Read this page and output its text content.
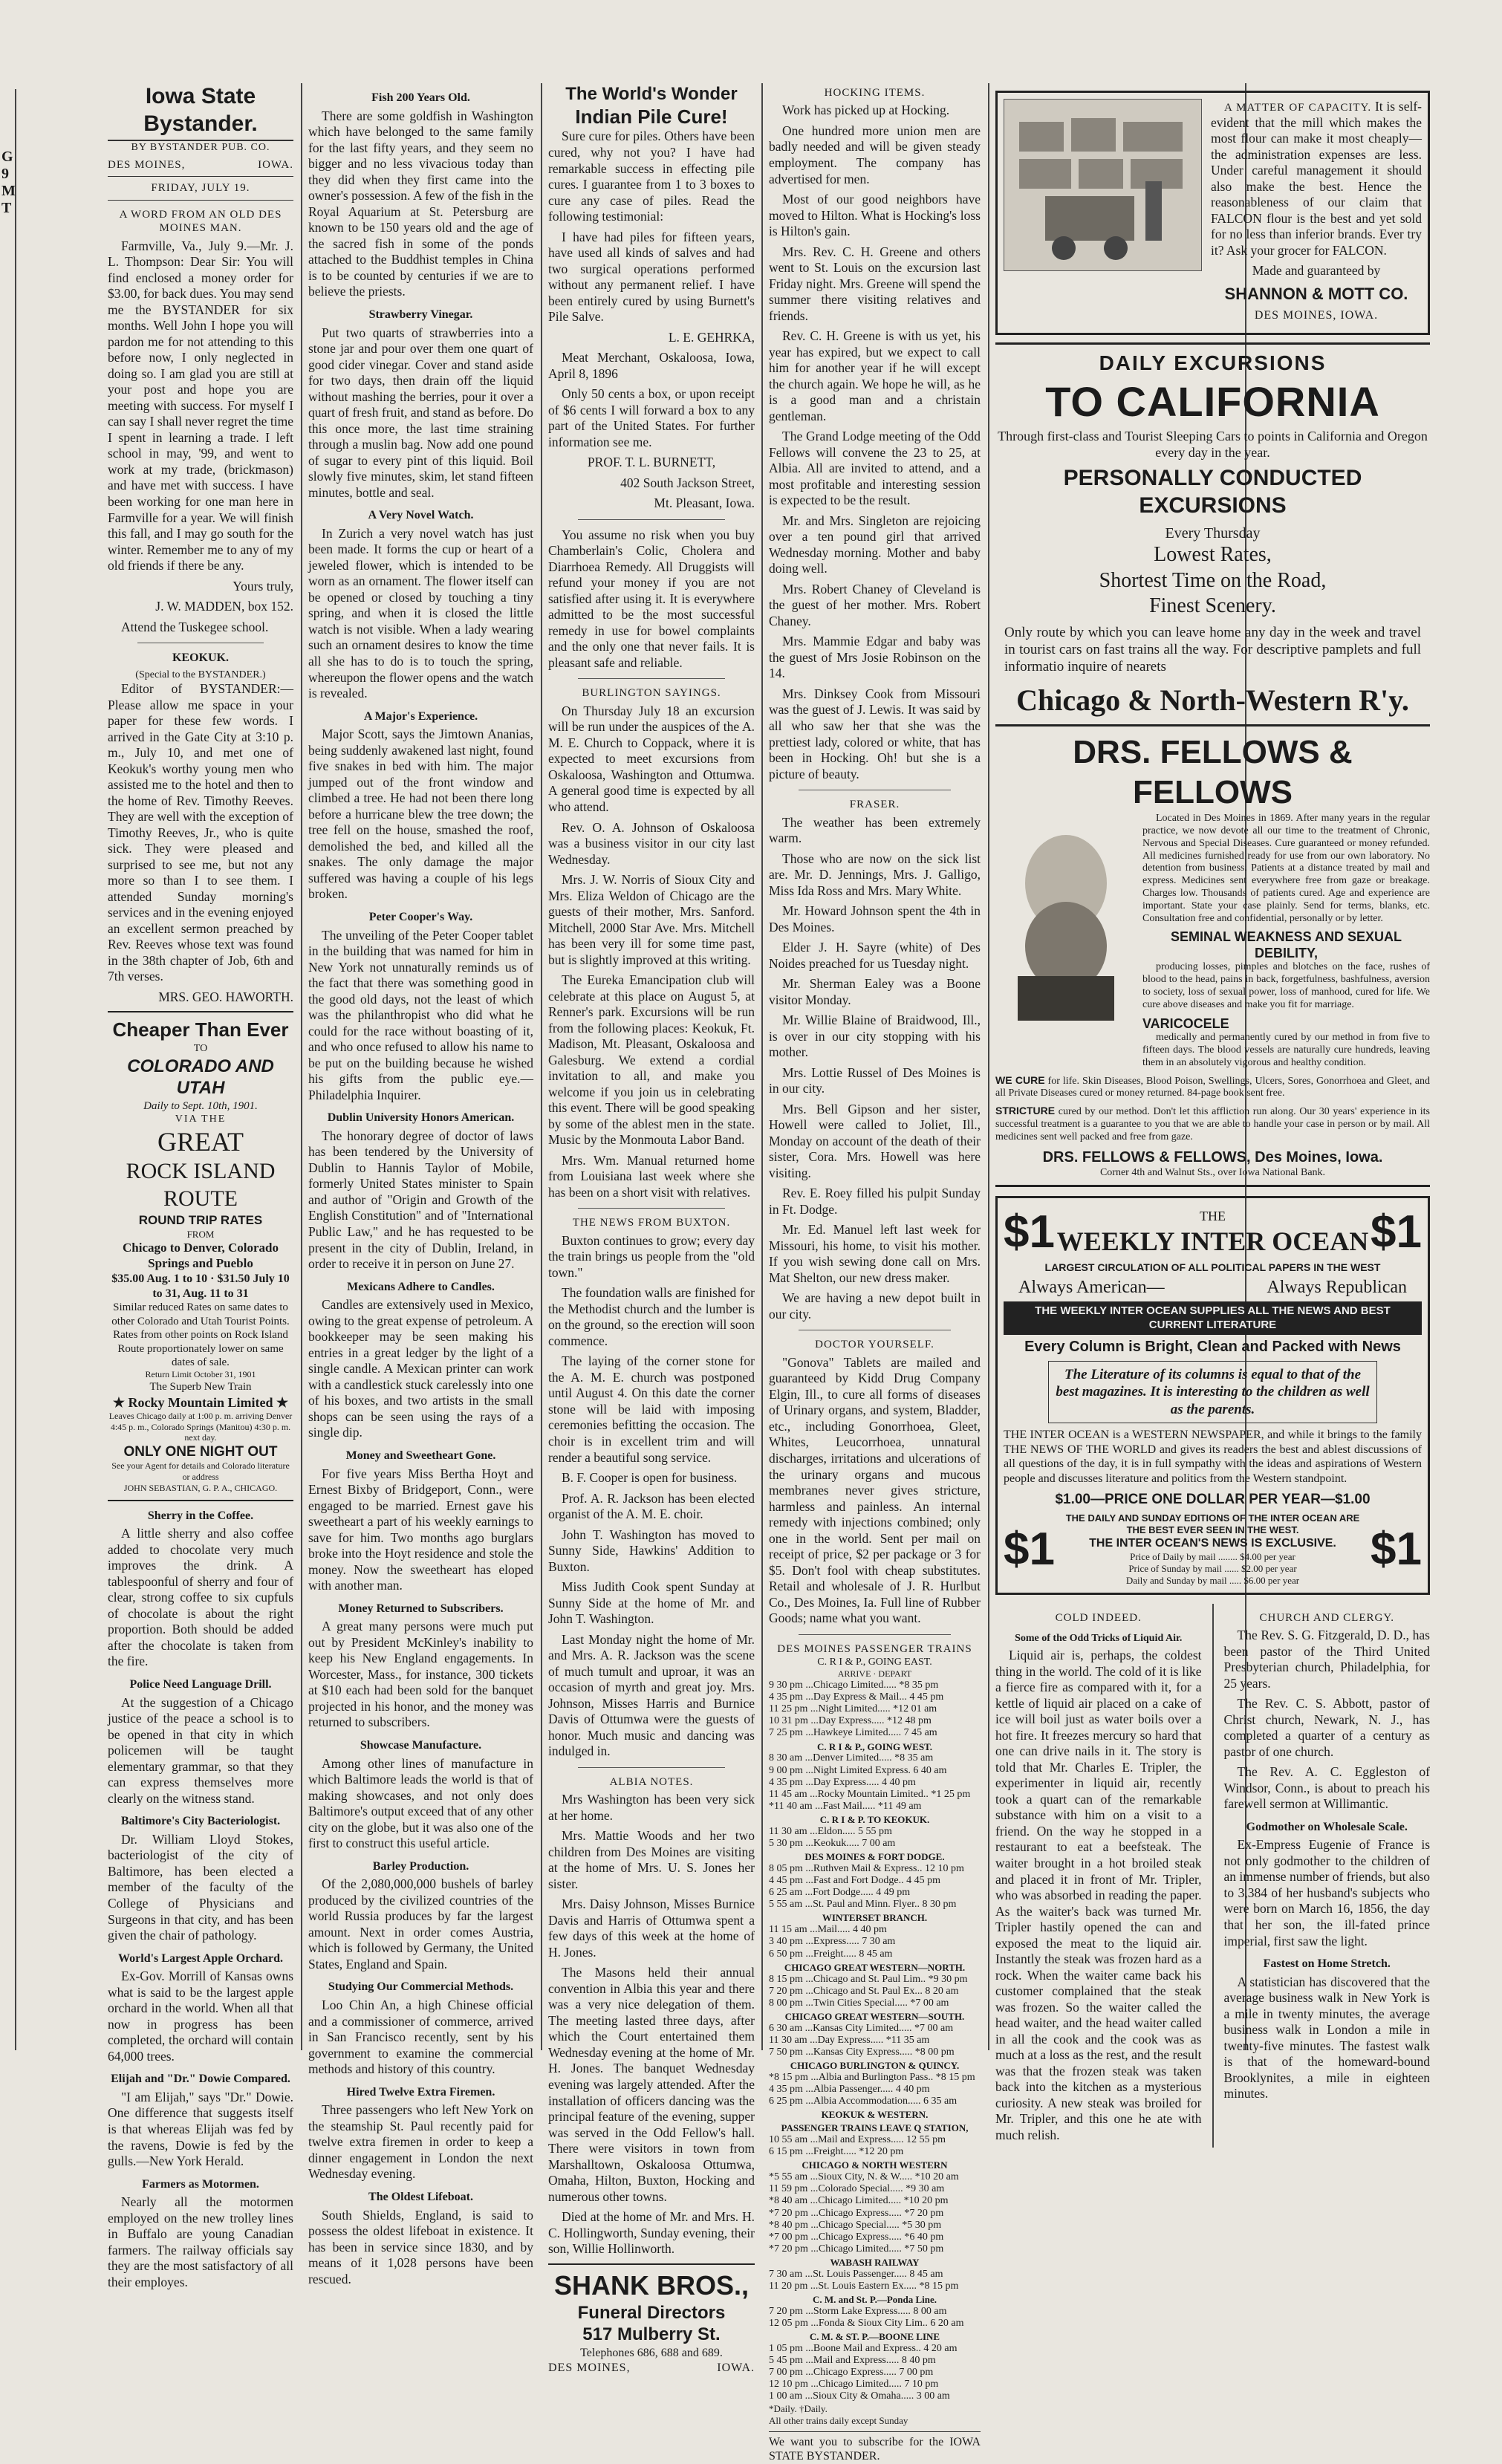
G 9 M T
Iowa State Bystander.
BY BYSTANDER PUB. CO.
DES MOINES,	IOWA.
FRIDAY, JULY 19.
A WORD FROM AN OLD DES MOINES MAN.

Farmville, Va., July 9.—Mr. J. L. Thompson: Dear Sir: You will find enclosed a money order for $3.00, for back dues. You may send me the BYSTANDER for six months. Well John I hope you will pardon me for not attending to this before now, I only neglected in doing so. I am glad you are still at your post and hope you are meeting with success. For myself I can say I shall never regret the time I spent in learning a trade. I left school in may, '99, and went to work at my trade, (brickmason) and have met with success. I have been working for one man here in Farmville for a year. We will finish this fall, and I may go south for the winter. Remember me to any of my old friends if there be any.

Yours truly,

J. W. MADDEN, box 152.

Attend the Tuskegee school.

KEOKUK.
(Special to the BYSTANDER.)

Editor of BYSTANDER:— Please allow me space in your paper for these few words. I arrived in the Gate City at 3:10 p. m., July 10, and met one of Keokuk's worthy young men who assisted me to the hotel and then to the home of Rev. Timothy Reeves. They are well with the exception of Timothy Reeves, Jr., who is quite sick. They were pleased and surprised to see me, but not any more so than I to see them. I attended Sunday morning's services and in the evening enjoyed an excellent sermon preached by Rev. Reeves whose text was found in the 38th chapter of Job, 6th and 7th verses.

MRS. GEO. HAWORTH.

Cheaper Than Ever
TO
COLORADO AND UTAH
Daily to Sept. 10th, 1901.
VIA THE
GREAT
ROCK ISLAND
ROUTE
ROUND TRIP RATES
FROM
Chicago to Denver, Colorado Springs and Pueblo
$35.00 Aug. 1 to 10 · $31.50 July 10 to 31, Aug. 11 to 31
Similar reduced Rates on same dates to other Colorado and Utah Tourist Points.
Rates from other points on Rock Island Route proportionately lower on same dates of sale.
Return Limit October 31, 1901
The Superb New Train
★ Rocky Mountain Limited ★
Leaves Chicago daily at 1:00 p. m. arriving Denver 4:45 p. m., Colorado Springs (Manitou) 4:30 p. m. next day.
ONLY ONE NIGHT OUT
See your Agent for details and Colorado literature or address
JOHN SEBASTIAN, G. P. A., CHICAGO.
Sherry in the Coffee.

A little sherry and also coffee added to chocolate very much improves the drink. A tablespoonful of sherry and four of clear, strong coffee to six cupfuls of chocolate is about the right proportion. Both should be added after the chocolate is taken from the fire.

Police Need Language Drill.

At the suggestion of a Chicago justice of the peace a school is to be opened in that city in which policemen will be taught elementary grammar, so that they can express themselves more clearly on the witness stand.

Baltimore's City Bacteriologist.

Dr. William Lloyd Stokes, bacteriologist of the city of Baltimore, has been elected a member of the faculty of the College of Physicians and Surgeons in that city, and has been given the chair of pathology.

World's Largest Apple Orchard.

Ex-Gov. Morrill of Kansas owns what is said to be the largest apple orchard in the world. When all that now in progress has been completed, the orchard will contain 64,000 trees.

Elijah and "Dr." Dowie Compared.

"I am Elijah," says "Dr." Dowie. One difference that suggests itself is that whereas Elijah was fed by the ravens, Dowie is fed by the gulls.—New York Herald.

Farmers as Motormen.

Nearly all the motormen employed on the new trolley lines in Buffalo are young Canadian farmers. The railway officials say they are the most satisfactory of all their employes.

Fish 200 Years Old.

There are some goldfish in Washington which have belonged to the same family for the last fifty years, and they seem no bigger and no less vivacious today than they did when they first came into the owner's possession. A few of the fish in the Royal Aquarium at St. Petersburg are known to be 150 years old and the age of the sacred fish in some of the ponds attached to the Buddhist temples in China is to be counted by centuries if we are to believe the priests.

Strawberry Vinegar.

Put two quarts of strawberries into a stone jar and pour over them one quart of good cider vinegar. Cover and stand aside for two days, then drain off the liquid without mashing the berries, pour it over a quart of fresh fruit, and stand as before. Do this once more, the last time straining through a muslin bag. Now add one pound of sugar to every pint of this liquid. Boil slowly five minutes, skim, let stand fifteen minutes, bottle and seal.

A Very Novel Watch.

In Zurich a very novel watch has just been made. It forms the cup or heart of a jeweled flower, which is intended to be worn as an ornament. The flower itself can be opened or closed by touching a tiny spring, and when it is closed the little watch is not visible. When a lady wearing such an ornament desires to know the time all she has to do is to touch the spring, whereupon the flower opens and the watch is revealed.

A Major's Experience.

Major Scott, says the Jimtown Ananias, being suddenly awakened last night, found five snakes in bed with him. The major jumped out of the front window and climbed a tree. He had not been there long before a hurricane blew the tree down; the tree fell on the house, smashed the roof, demolished the bed, and killed all the snakes. The only damage the major suffered was having a couple of his legs broken.

Peter Cooper's Way.

The unveiling of the Peter Cooper tablet in the building that was named for him in New York not unnaturally reminds us of the fact that there was something good in the good old days, not the least of which was the philanthropist who did what he could for the race without boasting of it, and who once refused to allow his name to be put on the building because he wished his gifts from the public eye.—Philadelphia Inquirer.

Dublin University Honors American.

The honorary degree of doctor of laws has been tendered by the University of Dublin to Hannis Taylor of Mobile, formerly United States minister to Spain and author of "Origin and Growth of the English Constitution" and of "International Public Law," and he has requested to be present in the city of Dublin, Ireland, in order to receive it in person on June 27.

Mexicans Adhere to Candles.

Candles are extensively used in Mexico, owing to the great expense of petroleum. A bookkeeper may be seen making his entries in a great ledger by the light of a single candle. A Mexican printer can work with a candlestick stuck carelessly into one of his boxes, and two artists in the small shops can be seen using the rays of a single dip.

Money and Sweetheart Gone.

For five years Miss Bertha Hoyt and Ernest Bixby of Bridgeport, Conn., were engaged to be married. Ernest gave his sweetheart a part of his weekly earnings to save for him. Two months ago burglars broke into the Hoyt residence and stole the money. Now the sweetheart has eloped with another man.

Money Returned to Subscribers.

A great many persons were much put out by President McKinley's inability to keep his New England engagements. In Worcester, Mass., for instance, 300 tickets at $10 each had been sold for the banquet projected in his honor, and the money was returned to subscribers.

Showcase Manufacture.

Among other lines of manufacture in which Baltimore leads the world is that of making showcases, and not only does Baltimore's output exceed that of any other city on the globe, but it was also one of the first to construct this useful article.

Barley Production.

Of the 2,080,000,000 bushels of barley produced by the civilized countries of the world Russia produces by far the largest amount. Next in order comes Austria, which is followed by Germany, the United States, England and Spain.

Studying Our Commercial Methods.

Loo Chin An, a high Chinese official and a commissioner of commerce, arrived in San Francisco recently, sent by his government to examine the commercial methods and history of this country.

Hired Twelve Extra Firemen.

Three passengers who left New York on the steamship St. Paul recently paid for twelve extra firemen in order to keep a dinner engagement in London the next Wednesday evening.

The Oldest Lifeboat.

South Shields, England, is said to possess the oldest lifeboat in existence. It has been in service since 1830, and by means of it 1,028 persons have been rescued.

The World's Wonder
Indian Pile Cure!

Sure cure for piles. Others have been cured, why not you? I have had remarkable success in effecting pile cures. I guarantee from 1 to 3 boxes to cure any case of piles. Read the following testimonial:

I have had piles for fifteen years, have used all kinds of salves and had two surgical operations performed without any permanent relief. I have been entirely cured by using Burnett's Pile Salve.

L. E. GEHRKA,

Meat Merchant, Oskaloosa, Iowa, April 8, 1896

Only 50 cents a box, or upon receipt of $6 cents I will forward a box to any part of the United States. For further information see me.

PROF. T. L. BURNETT,

402 South Jackson Street,

Mt. Pleasant, Iowa.

You assume no risk when you buy Chamberlain's Colic, Cholera and Diarrhoea Remedy. All Druggists will refund your money if you are not satisfied after using it. It is everywhere admitted to be the most successful remedy in use for bowel complaints and the only one that never fails. It is pleasant safe and reliable.

BURLINGTON SAYINGS.

On Thursday July 18 an excursion will be run under the auspices of the A. M. E. Church to Coppack, where it is expected to meet excursions from Oskaloosa, Washington and Ottumwa. A general good time is expected by all who attend.

Rev. O. A. Johnson of Oskaloosa was a business visitor in our city last Wednesday.

Mrs. J. W. Norris of Sioux City and Mrs. Eliza Weldon of Chicago are the guests of their mother, Mrs. Sanford. Mitchell, 2000 Star Ave. Mrs. Mitchell has been very ill for some time past, but is slightly improved at this writing.

The Eureka Emancipation club will celebrate at this place on August 5, at Renner's park. Excursions will be run from the following places: Keokuk, Ft. Madison, Mt. Pleasant, Oskaloosa and Galesburg. We extend a cordial invitation to all, and make you welcome if you join us in celebrating this event. There will be good speaking by some of the ablest men in the state. Music by the Monmouta Labor Band.

Mrs. Wm. Manual returned home from Louisiana last week where she has been on a short visit with relatives.

THE NEWS FROM BUXTON.

Buxton continues to grow; every day the train brings us people from the "old town."

The foundation walls are finished for the Methodist church and the lumber is on the ground, so the erection will soon commence.

The laying of the corner stone for the A. M. E. church was postponed until August 4. On this date the corner stone will be laid with imposing ceremonies befitting the occasion. The choir is in excellent trim and will render a beautiful song service.

B. F. Cooper is open for business.

Prof. A. R. Jackson has been elected organist of the A. M. E. choir.

John T. Washington has moved to Sunny Side, Hawkins' Addition to Buxton.

Miss Judith Cook spent Sunday at Sunny Side at the home of Mr. and John T. Washington.

Last Monday night the home of Mr. and Mrs. A. R. Jackson was the scene of much tumult and uproar, it was an occasion of myrth and great joy. Mrs. Johnson, Misses Harris and Burnice Davis of Ottumwa were the guests of honor. Much music and dancing was indulged in.

ALBIA NOTES.

Mrs Washington has been very sick at her home.

Mrs. Mattie Woods and her two children from Des Moines are visiting at the home of Mrs. U. S. Jones her sister.

Mrs. Daisy Johnson, Misses Burnice Davis and Harris of Ottumwa spent a few days of this week at the home of H. Jones.

The Masons held their annual convention in Albia this year and there was a very nice delegation of them. The meeting lasted three days, after which the Court entertained them Wednesday evening at the home of Mr. H. Jones. The banquet Wednesday evening was largely attended. After the installation of officers dancing was the principal feature of the evening, supper was served in the Odd Fellow's hall. There were visitors in town from Marshalltown, Oskaloosa Ottumwa, Omaha, Hilton, Buxton, Hocking and numerous other towns.

Died at the home of Mr. and Mrs. H. C. Hollingworth, Sunday evening, their son, Willie Hollinworth.

SHANK BROS.,
Funeral Directors
517 Mulberry St.
Telephones 686, 688 and 689.
DES MOINES,	IOWA.
HOCKING ITEMS.

Work has picked up at Hocking.

One hundred more union men are badly needed and will be given steady employment. The company has advertised for men.

Most of our good neighbors have moved to Hilton. What is Hocking's loss is Hilton's gain.

Mrs. Rev. C. H. Greene and others went to St. Louis on the excursion last Friday night. Mrs. Greene will spend the summer there visiting relatives and friends.

Rev. C. H. Greene is with us yet, his year has expired, but we expect to call him for another year if he will except the church again. We hope he will, as he is a good man and a christain gentleman.

The Grand Lodge meeting of the Odd Fellows will convene the 23 to 25, at Albia. All are invited to attend, and a most profitable and interesting session is expected to be the result.

Mr. and Mrs. Singleton are rejoicing over a ten pound girl that arrived Wednesday morning. Mother and baby doing well.

Mrs. Robert Chaney of Cleveland is the guest of her mother. Mrs. Robert Chaney.

Mrs. Mammie Edgar and baby was the guest of Mrs Josie Robinson on the 14.

Mrs. Dinksey Cook from Missouri was the guest of J. Lewis. It was said by all who saw her that she was the prettiest lady, colored or white, that has been in Hocking. Oh! but she is a picture of beauty.

FRASER.

The weather has been extremely warm.

Those who are now on the sick list are. Mr. D. Jennings, Mrs. J. Galligo, Miss Ida Ross and Mrs. Mary White.

Mr. Howard Johnson spent the 4th in Des Moines.

Elder J. H. Sayre (white) of Des Noides preached for us Tuesday night.

Mr. Sherman Ealey was a Boone visitor Monday.

Mr. Willie Blaine of Braidwood, Ill., is over in our city stopping with his mother.

Mrs. Lottie Russel of Des Moines is in our city.

Mrs. Bell Gipson and her sister, Howell were called to Joliet, Ill., Monday on account of the death of their sister, Cora. Mrs. Howell was here visiting.

Rev. E. Roey filled his pulpit Sunday in Ft. Dodge.

Mr. Ed. Manuel left last week for Missouri, his home, to visit his mother. If you wish sewing done call on Mrs. Mat Shelton, our new dress maker.

We are having a new depot built in our city.

DOCTOR YOURSELF.

"Gonova" Tablets are mailed and guaranteed by Kidd Drug Company Elgin, Ill., to cure all forms of diseases of Urinary organs, and system, Bladder, etc., including Gonorrhoea, Gleet, Whites, Leucorrhoea, unnatural discharges, irritations and ulcerations of the urinary organs and mucous membranes never gives stricture, harmless and painless. An internal remedy with injections combined; only one in the world. Sent per mail on receipt of price, $2 per package or 3 for $5. Don't fool with cheap substitutes. Retail and wholesale of J. R. Hurlbut Co., Des Moines, Ia. Full line of Rubber Goods; name what you want.

DES MOINES PASSENGER TRAINS
C. R I & P., GOING EAST.
ARRIVE · DEPART
9 30 pm ...Chicago Limited..... *8 35 pm
4 35 pm ...Day Express & Mail... 4 45 pm
11 25 pm ...Night Limited..... *12 01 am
10 31 pm ...Day Express..... *12 48 pm
7 25 pm ...Hawkeye Limited..... 7 45 am
C. R I & P., GOING WEST.
8 30 am ...Denver Limited..... *8 35 am
9 00 pm ...Night Limited Express. 6 40 am
4 35 pm ...Day Express..... 4 40 pm
11 45 am ...Rocky Mountain Limited.. *1 25 pm
*11 40 am ...Fast Mail..... *11 49 am
C. R I & P. TO KEOKUK.
11 30 am ...Eldon..... 5 55 pm
5 30 pm ...Keokuk..... 7 00 am
DES MOINES & FORT DODGE.
8 05 pm ...Ruthven Mail & Express.. 12 10 pm
4 45 pm ...Fast and Fort Dodge.. 4 45 pm
6 25 am ...Fort Dodge..... 4 49 pm
5 55 am ...St. Paul and Minn. Flyer.. 8 30 pm
WINTERSET BRANCH.
11 15 am ...Mail..... 4 40 pm
3 40 pm ...Express..... 7 30 am
6 50 pm ...Freight..... 8 45 am
CHICAGO GREAT WESTERN—NORTH.
8 15 pm ...Chicago and St. Paul Lim.. *9 30 pm
7 20 pm ...Chicago and St. Paul Ex... 8 20 am
8 00 pm ...Twin Cities Special..... *7 00 am
CHICAGO GREAT WESTERN—SOUTH.
6 30 am ...Kansas City Limited..... *7 00 am
11 30 am ...Day Express..... *11 35 am
7 50 pm ...Kansas City Express..... *8 00 pm
CHICAGO BURLINGTON & QUINCY.
*8 15 pm ...Albia and Burlington Pass.. *8 15 pm
4 35 pm ...Albia Passenger..... 4 40 pm
6 25 pm ...Albia Accommodation..... 6 35 am
KEOKUK & WESTERN.
PASSENGER TRAINS LEAVE Q STATION,
10 55 am ...Mail and Express..... 12 55 pm
6 15 pm ...Freight..... *12 20 pm
CHICAGO & NORTH WESTERN
*5 55 am ...Sioux City, N. & W..... *10 20 am
11 59 pm ...Colorado Special..... *9 30 am
*8 40 am ...Chicago Limited..... *10 20 pm
*7 20 pm ...Chicago Express..... *7 20 pm
*8 40 pm ...Chicago Special..... *5 30 pm
*7 00 pm ...Chicago Express..... *6 40 pm
*7 20 pm ...Chicago Limited..... *7 50 pm
WABASH RAILWAY
7 30 am ...St. Louis Passenger..... 8 45 am
11 20 pm ...St. Louis Eastern Ex..... *8 15 pm
C. M. and St. P.—Ponda Line.
7 20 pm ...Storm Lake Express..... 8 00 am
12 05 pm ...Fonda & Sioux City Lim.. 6 20 am
C. M. & ST. P.—BOONE LINE
1 05 pm ...Boone Mail and Express.. 4 20 am
5 45 pm ...Mail and Express..... 8 40 pm
7 00 pm ...Chicago Express..... 7 00 pm
12 10 pm ...Chicago Limited..... 7 10 pm
1 00 am ...Sioux City & Omaha..... 3 00 am
*Daily. †Daily.
All other trains daily except Sunday
We want you to subscribe for the IOWA STATE BYSTANDER.

A MATTER OF CAPACITY. It is self-evident that the mill which makes the most flour can make it most cheaply—the administration expenses are less. Under careful management it should also make the best. Hence the reasonableness of our claim that FALCON flour is the best and yet sold for no less than inferior brands. Ever try it? Ask your grocer for FALCON.

Made and guaranteed by

SHANNON & MOTT CO.

DES MOINES, IOWA.

DAILY EXCURSIONS
TO CALIFORNIA
Through first-class and Tourist Sleeping Cars to points in California and Oregon every day in the year.
PERSONALLY CONDUCTED EXCURSIONS
Every Thursday
Lowest Rates,
Shortest Time on the Road,
Finest Scenery.
Only route by which you can leave home any day in the week and travel in tourist cars on fast trains all the way. For descriptive pamplets and full informatio inquire of nearets
Chicago & North-Western R'y.
DRS. FELLOWS & FELLOWS

Located in Des Moines in 1869. After many years in the regular practice, we now devote all our time to the treatment of Chronic, Nervous and Special Diseases. Cure guaranteed or money refunded. All medicines furnished ready for use from our own laboratory. No detention from business. Patients at a distance treated by mail and express. Medicines sent everywhere free from gaze or breakage. Charges low. Thousands of patients cured. Age and experience are important. State your case plainly. Send for terms, blanks, etc. Consultation free and confidential, personally or by letter.

SEMINAL WEAKNESS AND SEXUAL DEBILITY,

producing losses, pimples and blotches on the face, rushes of blood to the head, pains in back, forgetfulness, bashfulness, aversion to society, loss of sexual power, loss of manhood, cured for life. We cure above diseases and make you fit for marriage.

VARICOCELE

medically and permanently cured by our method in from five to fifteen days. The blood vessels are naturally cure hundreds, leaving them in an absolutely vigorous and healthy condition.

WE CURE for life. Skin Diseases, Blood Poison, Swellings, Ulcers, Sores, Gonorrhoea and Gleet, and all Private Diseases cured or money returned. 84-page book sent free.

STRICTURE cured by our method. Don't let this affliction run along. Our 30 years' experience in its successful treatment is a guarantee to you that we are able to handle your case in person or by mail. All medicines sent well packed and free from gaze.

DRS. FELLOWS & FELLOWS, Des Moines, Iowa.
Corner 4th and Walnut Sts., over Iowa National Bank.
$1	THE
WEEKLY INTER OCEAN $1
LARGEST CIRCULATION OF ALL POLITICAL PAPERS IN THE WEST
Always American—	Always Republican
THE WEEKLY INTER OCEAN SUPPLIES ALL THE NEWS AND BEST CURRENT LITERATURE
Every Column is Bright, Clean and Packed with News
The Literature of its columns is equal to that of the best magazines. It is interesting to the children as well as the parents.

THE INTER OCEAN is a WESTERN NEWSPAPER, and while it brings to the family THE NEWS OF THE WORLD and gives its readers the best and ablest discussions of all questions of the day, it is in full sympathy with the ideas and aspirations of Western people and discusses literature and politics from the Western standpoint.

$1.00—PRICE ONE DOLLAR PER YEAR—$1.00
$1
THE DAILY AND SUNDAY EDITIONS OF THE INTER OCEAN ARE THE BEST EVER SEEN IN THE WEST.
THE INTER OCEAN'S NEWS IS EXCLUSIVE.
Price of Daily by mail ........ $4.00 per year
Price of Sunday by mail ...... $2.00 per year
Daily and Sunday by mail ..... $6.00 per year
$1
COLD INDEED.
Some of the Odd Tricks of Liquid Air.

Liquid air is, perhaps, the coldest thing in the world. The cold of it is like a fierce fire as compared with it, for a kettle of liquid air placed on a cake of ice will boil just as water boils over a hot fire. It freezes mercury so hard that one can drive nails in it. The story is told that Mr. Charles E. Tripler, the experimenter in liquid air, recently took a quart can of the remarkable substance with him on a visit to a friend. On the way he stopped in a restaurant to eat a beefsteak. The waiter brought in a hot broiled steak and placed it in front of Mr. Tripler, who was absorbed in reading the paper. As the waiter's back was turned Mr. Tripler hastily opened the can and exposed the meat to the liquid air. Instantly the steak was frozen hard as a rock. When the waiter came back his customer complained that the steak was frozen. So the waiter called the head waiter, and the head waiter called in all the cook and the cook was as much at a loss as the rest, and the result was that the frozen steak was taken back into the kitchen as a mysterious curiosity. A new steak was broiled for Mr. Tripler, and this one he ate with much relish.

CHURCH AND CLERGY.

The Rev. S. G. Fitzgerald, D. D., has been pastor of the Third United Presbyterian church, Philadelphia, for 25 years.

The Rev. C. S. Abbott, pastor of Christ church, Newark, N. J., has completed a quarter of a century as pastor of one church.

The Rev. A. C. Eggleston of Windsor, Conn., is about to preach his farewell sermon at Willimantic.

Godmother on Wholesale Scale.

Ex-Empress Eugenie of France is not only godmother to the children of an immense number of friends, but also to 3,384 of her husband's subjects who were born on March 16, 1856, the day that her son, the ill-fated prince imperial, first saw the light.

Fastest on Home Stretch.

A statistician has discovered that the average business walk in New York is a mile in twenty minutes, the average business walk in London a mile in twenty-five minutes. The fastest walk is that of the homeward-bound Brooklynites, a mile in eighteen minutes.
